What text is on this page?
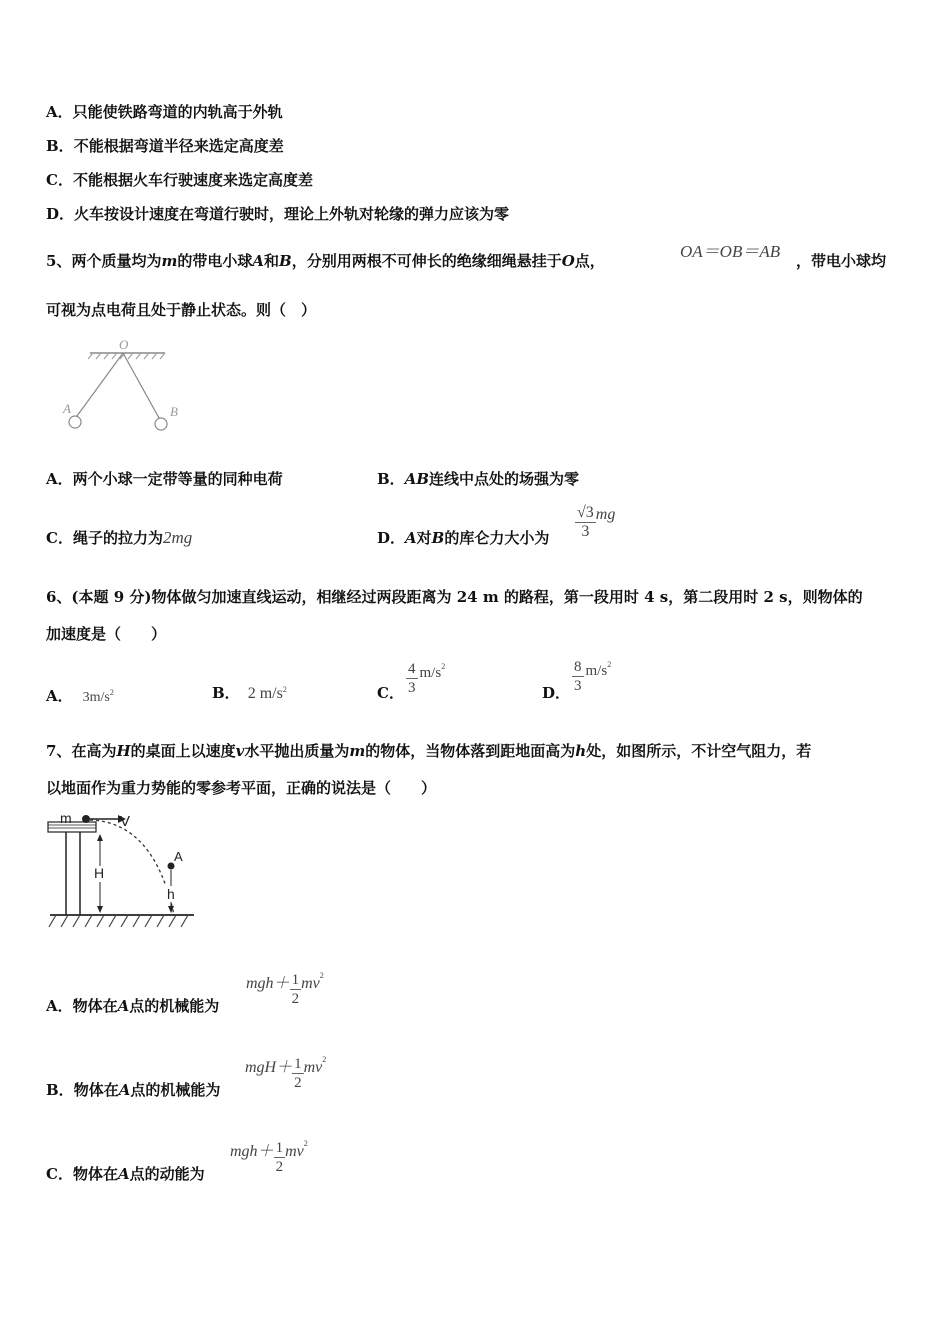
A．只能使铁路弯道的内轨高于外轨
B．不能根据弯道半径来选定高度差
C．不能根据火车行驶速度来选定高度差
D．火车按设计速度在弯道行驶时，理论上外轨对轮缘的弹力应该为零
5、两个质量均为m的带电小球A和B，分别用两根不可伸长的绝缘细绳悬挂于O点，	OA＝OB＝AB ，带电小球均
可视为点电荷且处于静止状态。则（　）
O
A	B
A．两个小球一定带等量的同种电荷	B．AB连线中点处的场强为零
C．绳子的拉力为2mg	D．A对B的库仑力大小为 $\frac{√3}{3}$ mg
6、(本题 9 分)物体做匀加速直线运动，相继经过两段距离为 24 m 的路程，第一段用时 4 s，第二段用时 2 s，则物体的
加速度是（　　）
A． $3m/s^2$	B． 2 $m/s^2$	C． $\frac{4}{3} m/s^2$
D． $\frac{8}{3} m/s^2$
7、在高为H的桌面上以速度v水平抛出质量为m的物体，当物体落到距地面高为h处，如图所示，不计空气阻力，若
以地面作为重力势能的零参考平面，正确的说法是（　　）
m	V
H
A
h
A．物体在A点的机械能为
$mgh+ \frac{1}{2} mv^2$
B．物体在A点的机械能为
$mgH+ \frac{1}{2} mv^2$
C．物体在A点的动能为
$mgh+ \frac{1}{2} mv^2$
